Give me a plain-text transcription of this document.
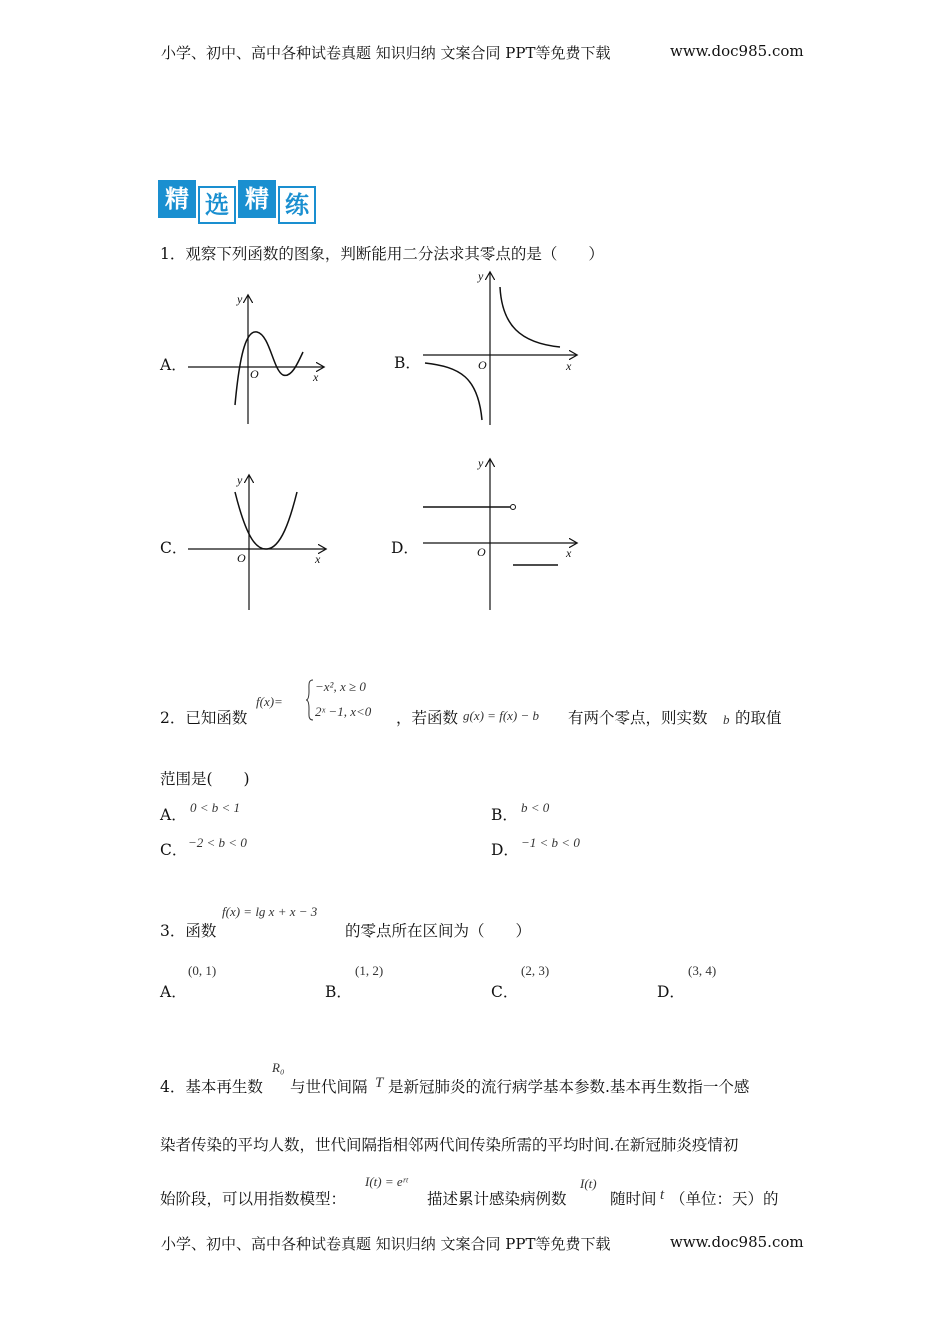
小学、初中、高中各种试卷真题 知识归纳 文案合同 PPT等免费下载	www.doc985.com
精 选 精 练
1．观察下列函数的图象，判断能用二分法求其零点的是（　　）
A．
y
x
O
B．
y
x
O
C．
y
x
O
D．
y
x
O
2．已知函数
f(x)=
−x², x ≥ 0
2ˣ −1, x<0 ，若函数 g(x) = f(x) − b 有两个零点，则实数 b 的取值
范围是(　　)
A． 0 < b < 1	B． b < 0
C． −2 < b < 0	D． −1 < b < 0
3．函数
f(x) = lg x + x − 3
的零点所在区间为（　　）
A．
(0, 1)
B．
(1, 2)
C．
(2, 3)
D．
(3, 4)
4．基本再生数
R₀
与世代间隔 T 是新冠肺炎的流行病学基本参数.基本再生数指一个感
染者传染的平均人数，世代间隔指相邻两代间传染所需的平均时间.在新冠肺炎疫情初
始阶段，可以用指数模型：
I(t) = eʳᵗ
描述累计感染病例数
I(t)
随时间 t （单位：天）的
小学、初中、高中各种试卷真题 知识归纳 文案合同 PPT等免费下载	www.doc985.com
